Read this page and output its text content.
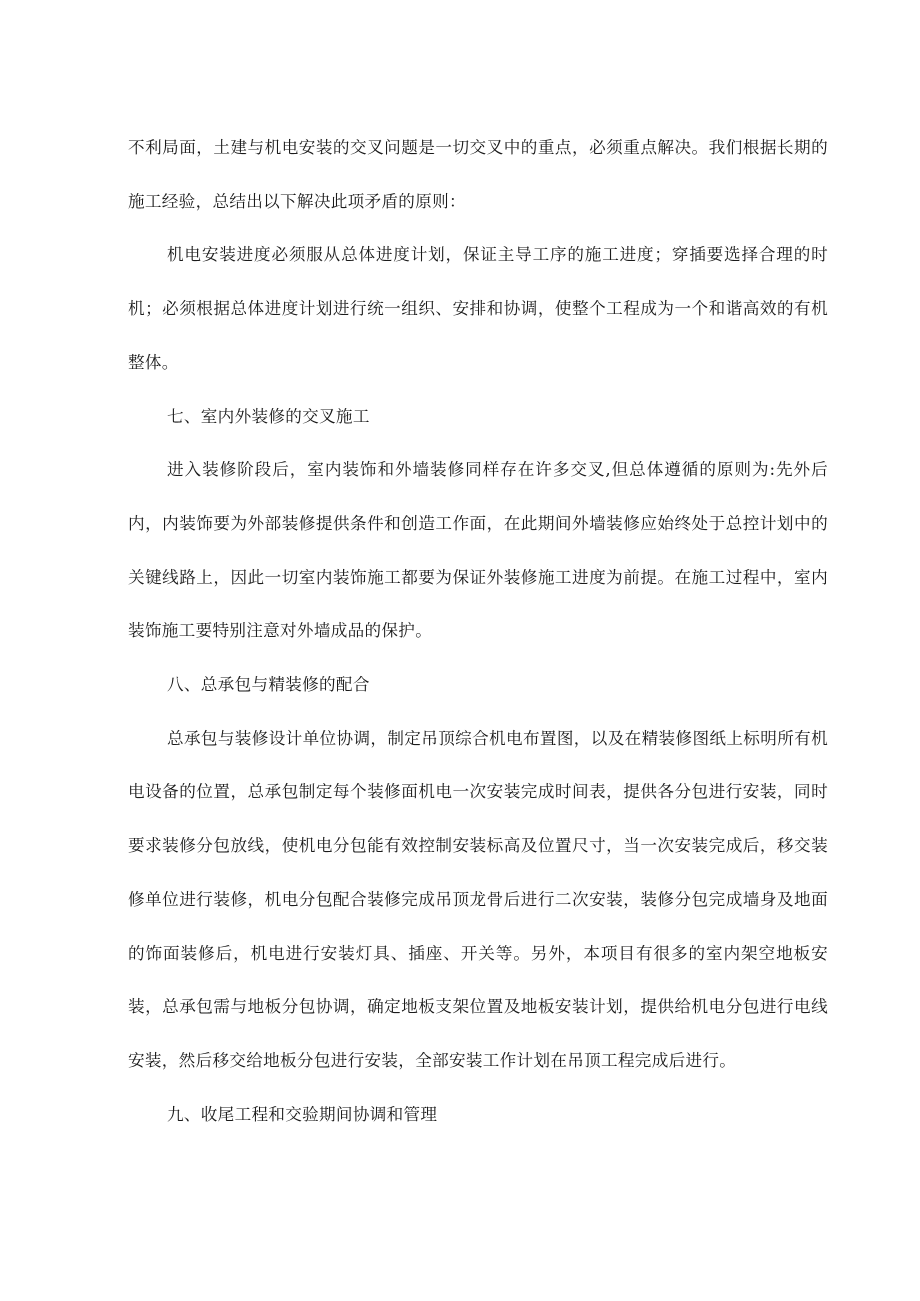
不利局面，土建与机电安装的交叉问题是一切交叉中的重点，必须重点解决。我们根据长期的施工经验，总结出以下解决此项矛盾的原则：

机电安装进度必须服从总体进度计划，保证主导工序的施工进度；穿插要选择合理的时机；必须根据总体进度计划进行统一组织、安排和协调，使整个工程成为一个和谐高效的有机整体。

七、室内外装修的交叉施工

进入装修阶段后，室内装饰和外墙装修同样存在许多交叉,但总体遵循的原则为:先外后内，内装饰要为外部装修提供条件和创造工作面，在此期间外墙装修应始终处于总控计划中的关键线路上，因此一切室内装饰施工都要为保证外装修施工进度为前提。在施工过程中，室内装饰施工要特别注意对外墙成品的保护。

八、总承包与精装修的配合

总承包与装修设计单位协调，制定吊顶综合机电布置图，以及在精装修图纸上标明所有机电设备的位置，总承包制定每个装修面机电一次安装完成时间表，提供各分包进行安装，同时要求装修分包放线，使机电分包能有效控制安装标高及位置尺寸，当一次安装完成后，移交装修单位进行装修，机电分包配合装修完成吊顶龙骨后进行二次安装，装修分包完成墙身及地面的饰面装修后，机电进行安装灯具、插座、开关等。另外，本项目有很多的室内架空地板安装，总承包需与地板分包协调，确定地板支架位置及地板安装计划，提供给机电分包进行电线安装，然后移交给地板分包进行安装，全部安装工作计划在吊顶工程完成后进行。

九、收尾工程和交验期间协调和管理
